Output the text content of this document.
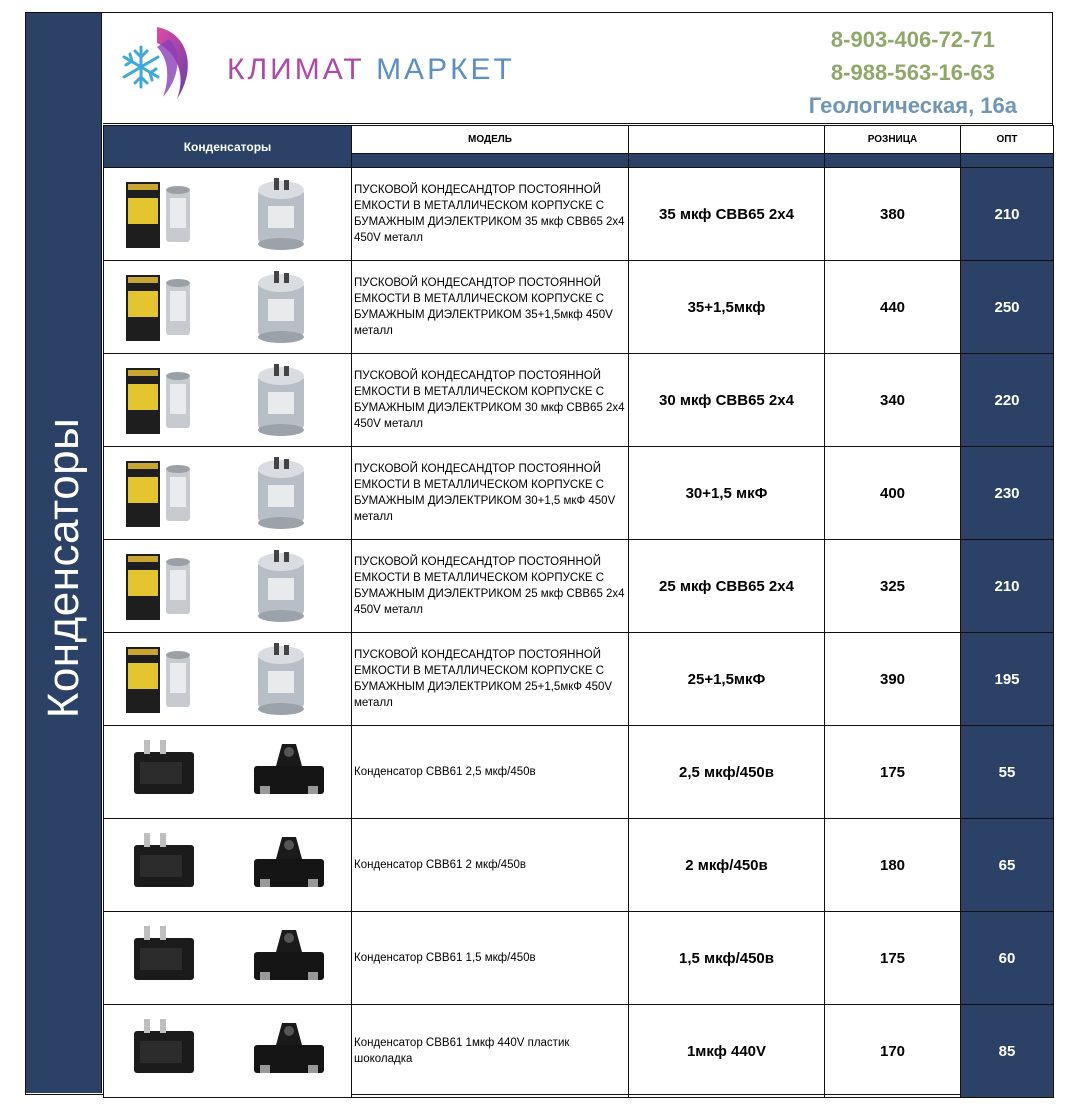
Конденсаторы
КЛИМАТ МАРКЕТ
8-903-406-72-71
8-988-563-16-63
Геологическая, 16а
Конденсаторы	МОДЕЛЬ		РОЗНИЦА	ОПТ

	ПУСКОВОЙ КОНДЕСАНДТОР ПОСТОЯННОЙ ЕМКОСТИ В МЕТАЛЛИЧЕСКОМ КОРПУСКЕ С БУМАЖНЫМ ДИЭЛЕКТРИКОМ 35 мкф CBB65 2х4 450V металл	35 мкф CBB65 2х4	380	210

	ПУСКОВОЙ КОНДЕСАНДТОР ПОСТОЯННОЙ ЕМКОСТИ В МЕТАЛЛИЧЕСКОМ КОРПУСКЕ С БУМАЖНЫМ ДИЭЛЕКТРИКОМ 35+1,5мкф 450V металл	35+1,5мкф	440	250

	ПУСКОВОЙ КОНДЕСАНДТОР ПОСТОЯННОЙ ЕМКОСТИ В МЕТАЛЛИЧЕСКОМ КОРПУСКЕ С БУМАЖНЫМ ДИЭЛЕКТРИКОМ 30 мкф CBB65 2х4 450V металл	30 мкф CBB65 2х4	340	220

	ПУСКОВОЙ КОНДЕСАНДТОР ПОСТОЯННОЙ ЕМКОСТИ В МЕТАЛЛИЧЕСКОМ КОРПУСКЕ С БУМАЖНЫМ ДИЭЛЕКТРИКОМ 30+1,5 мкФ 450V металл	30+1,5 мкФ	400	230

	ПУСКОВОЙ КОНДЕСАНДТОР ПОСТОЯННОЙ ЕМКОСТИ В МЕТАЛЛИЧЕСКОМ КОРПУСКЕ С БУМАЖНЫМ ДИЭЛЕКТРИКОМ 25 мкф CBB65 2х4 450V металл	25 мкф CBB65 2х4	325	210

	ПУСКОВОЙ КОНДЕСАНДТОР ПОСТОЯННОЙ ЕМКОСТИ В МЕТАЛЛИЧЕСКОМ КОРПУСКЕ С БУМАЖНЫМ ДИЭЛЕКТРИКОМ 25+1,5мкФ 450V металл	25+1,5мкФ	390	195

	Конденсатор CBB61 2,5 мкф/450в	2,5 мкф/450в	175	55

	Конденсатор CBB61 2 мкф/450в	2 мкф/450в	180	65

	Конденсатор CBB61 1,5 мкф/450в	1,5 мкф/450в	175	60

	Конденсатор CBB61 1мкф 440V пластик шоколадка	1мкф 440V	170	85
